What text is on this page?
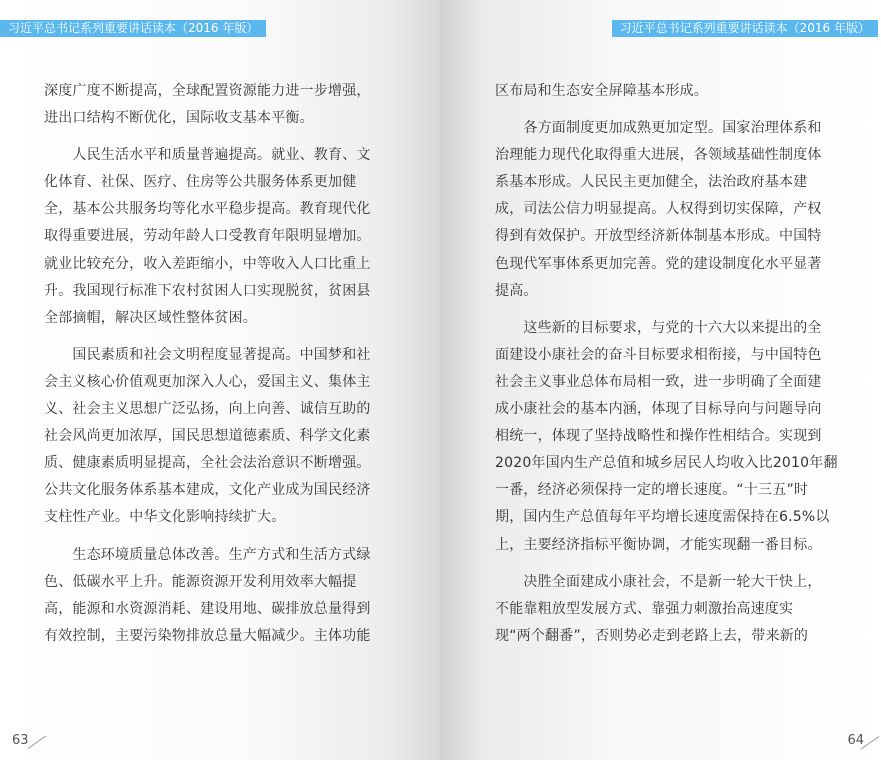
习近平总书记系列重要讲话读本（2016 年版）
深度广度不断提高，全球配置资源能力进一步增强，
进出口结构不断优化，国际收支基本平衡。
　　人民生活水平和质量普遍提高。就业、教育、文
化体育、社保、医疗、住房等公共服务体系更加健
全，基本公共服务均等化水平稳步提高。教育现代化
取得重要进展，劳动年龄人口受教育年限明显增加。
就业比较充分，收入差距缩小，中等收入人口比重上
升。我国现行标准下农村贫困人口实现脱贫，贫困县
全部摘帽，解决区域性整体贫困。
　　国民素质和社会文明程度显著提高。中国梦和社
会主义核心价值观更加深入人心，爱国主义、集体主
义、社会主义思想广泛弘扬，向上向善、诚信互助的
社会风尚更加浓厚，国民思想道德素质、科学文化素
质、健康素质明显提高，全社会法治意识不断增强。
公共文化服务体系基本建成，文化产业成为国民经济
支柱性产业。中华文化影响持续扩大。
　　生态环境质量总体改善。生产方式和生活方式绿
色、低碳水平上升。能源资源开发利用效率大幅提
高，能源和水资源消耗、建设用地、碳排放总量得到
有效控制，主要污染物排放总量大幅减少。主体功能
63
习近平总书记系列重要讲话读本（2016 年版）
区布局和生态安全屏障基本形成。
　　各方面制度更加成熟更加定型。国家治理体系和
治理能力现代化取得重大进展，各领域基础性制度体
系基本形成。人民民主更加健全，法治政府基本建
成，司法公信力明显提高。人权得到切实保障，产权
得到有效保护。开放型经济新体制基本形成。中国特
色现代军事体系更加完善。党的建设制度化水平显著
提高。
　　这些新的目标要求，与党的十六大以来提出的全
面建设小康社会的奋斗目标要求相衔接，与中国特色
社会主义事业总体布局相一致，进一步明确了全面建
成小康社会的基本内涵，体现了目标导向与问题导向
相统一，体现了坚持战略性和操作性相结合。实现到
2020年国内生产总值和城乡居民人均收入比2010年翻
一番，经济必须保持一定的增长速度。“十三五”时
期，国内生产总值每年平均增长速度需保持在6.5%以
上，主要经济指标平衡协调，才能实现翻一番目标。
　　决胜全面建成小康社会，不是新一轮大干快上，
不能靠粗放型发展方式、靠强力刺激抬高速度实
现“两个翻番”，否则势必走到老路上去，带来新的
64
